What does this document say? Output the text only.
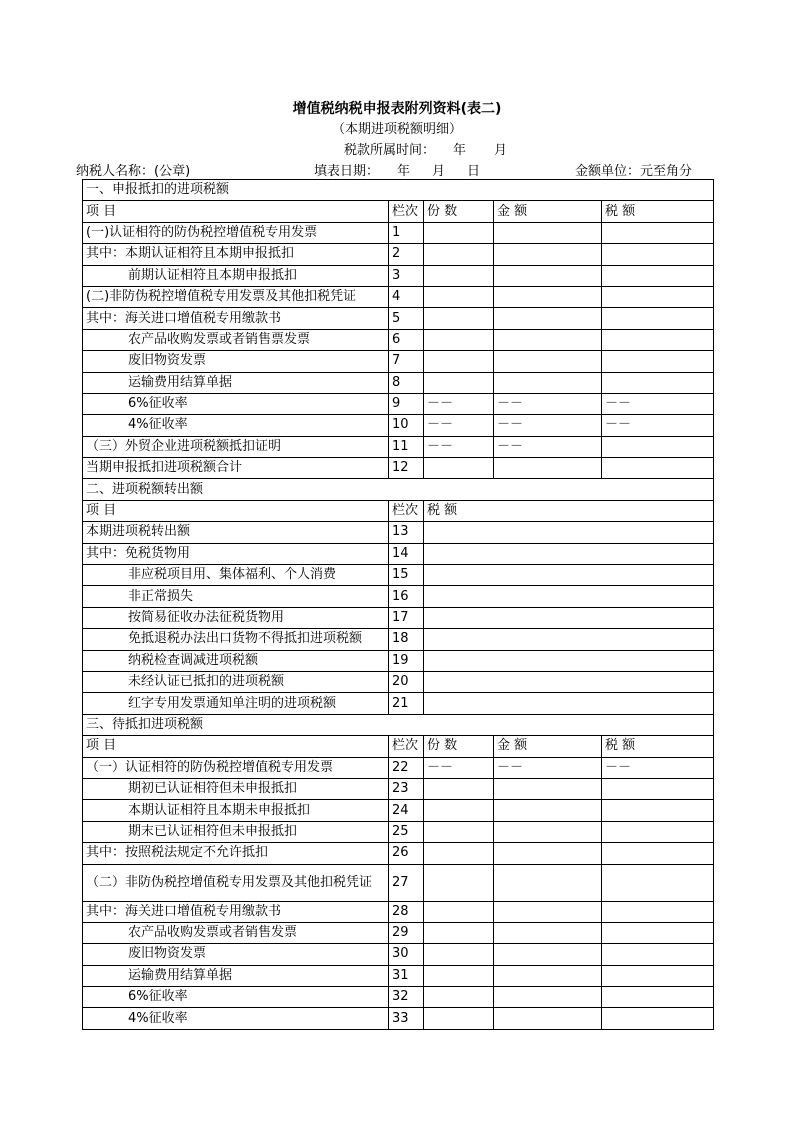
增值税纳税申报表附列资料(表二)
（本期进项税额明细）
税款所属时间： 年 月
纳税人名称：(公章)	填表日期： 年 月 日	金额单位：元至角分
一、申报抵扣的进项税额				
项 目	栏次	份 数	金 额	税 额
(一)认证相符的防伪税控增值税专用发票	1			
其中：本期认证相符且本期申报抵扣	2			
前期认证相符且本期申报抵扣	3			
(二)非防伪税控增值税专用发票及其他扣税凭证	4			
其中：海关进口增值税专用缴款书	5			
农产品收购发票或者销售票发票	6			
废旧物资发票	7			
运输费用结算单据	8			
6%征收率	9	－－	－－	－－
4%征收率	10	－－	－－	－－
（三）外贸企业进项税额抵扣证明	11	－－	－－	
当期申报抵扣进项税额合计	12			
二、进项税额转出额				
项 目	栏次	税 额		
本期进项税转出额	13			
其中：免税货物用	14			
非应税项目用、集体福利、个人消费	15			
非正常损失	16			
按简易征收办法征税货物用	17			
免抵退税办法出口货物不得抵扣进项税额	18			
纳税检查调减进项税额	19			
未经认证已抵扣的进项税额	20			
红字专用发票通知单注明的进项税额	21			
三、待抵扣进项税额				
项 目	栏次	份 数	金 额	税 额
（一）认证相符的防伪税控增值税专用发票	22	－－	－－	－－
期初已认证相符但未申报抵扣	23			
本期认证相符且本期未申报抵扣	24			
期末已认证相符但未申报抵扣	25			
其中：按照税法规定不允许抵扣	26			
（二）非防伪税控增值税专用发票及其他扣税凭证	27			
其中：海关进口增值税专用缴款书	28			
农产品收购发票或者销售发票	29			
废旧物资发票	30			
运输费用结算单据	31			
6%征收率	32			
4%征收率	33			
